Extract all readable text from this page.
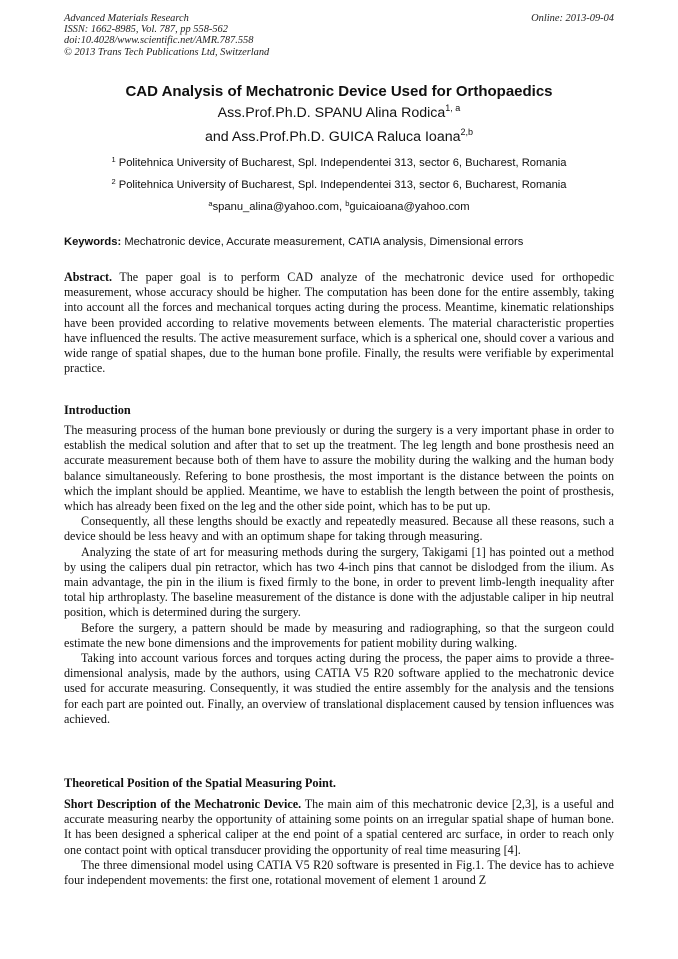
Advanced Materials Research
ISSN: 1662-8985, Vol. 787, pp 558-562
doi:10.4028/www.scientific.net/AMR.787.558
© 2013 Trans Tech Publications Ltd, Switzerland
Online: 2013-09-04
CAD Analysis of Mechatronic Device Used for Orthopaedics
Ass.Prof.Ph.D. SPANU Alina Rodica$^{1, a}$
and Ass.Prof.Ph.D. GUICA Raluca Ioana$^{2,b}$
$^1$ Politehnica University of Bucharest, Spl. Independentei 313, sector 6, Bucharest, Romania
$^2$ Politehnica University of Bucharest, Spl. Independentei 313, sector 6, Bucharest, Romania
$^a$spanu_alina@yahoo.com, $^b$guicaioana@yahoo.com
Keywords: Mechatronic device, Accurate measurement, CATIA analysis, Dimensional errors

Abstract. The paper goal is to perform CAD analyze of the mechatronic device used for orthopedic measurement, whose accuracy should be higher. The computation has been done for the entire assembly, taking into account all the forces and mechanical torques acting during the process. Meantime, kinematic relationships have been provided according to relative movements between elements. The material characteristic properties have influenced the results. The active measurement surface, which is a spherical one, should cover a various and wide range of spatial shapes, due to the human bone profile. Finally, the results were verifiable by experimental practice.

Introduction

The measuring process of the human bone previously or during the surgery is a very important phase in order to establish the medical solution and after that to set up the treatment. The leg length and bone prosthesis need an accurate measurement because both of them have to assure the mobility during the walking and the human body balance simultaneously. Refering to bone prosthesis, the most important is the distance between the points on which the implant should be applied. Meantime, we have to establish the length between the point of prosthesis, which has already been fixed on the leg and the other side point, which has to be put up.

Consequently, all these lengths should be exactly and repeatedly measured. Because all these reasons, such a device should be less heavy and with an optimum shape for taking through measuring.

Analyzing the state of art for measuring methods during the surgery, Takigami [1] has pointed out a method by using the calipers dual pin retractor, which has two 4-inch pins that cannot be dislodged from the ilium. As main advantage, the pin in the ilium is fixed firmly to the bone, in order to prevent limb-length inequality after total hip arthroplasty. The baseline measurement of the distance is done with the adjustable caliper in hip neutral position, which is determined during the surgery.

Before the surgery, a pattern should be made by measuring and radiographing, so that the surgeon could estimate the new bone dimensions and the improvements for patient mobility during walking.

Taking into account various forces and torques acting during the process, the paper aims to provide a three-dimensional analysis, made by the authors, using CATIA V5 R20 software applied to the mechatronic device used for accurate measuring. Consequently, it was studied the entire assembly for the analysis and the tensions for each part are pointed out. Finally, an overview of translational displacement caused by tension influences was achieved.

Theoretical Position of the Spatial Measuring Point.

Short Description of the Mechatronic Device. The main aim of this mechatronic device [2,3], is a useful and accurate measuring nearby the opportunity of attaining some points on an irregular spatial shape of human bone. It has been designed a spherical caliper at the end point of a spatial centered arc surface, in order to reach only one contact point with optical transducer providing the opportunity of real time measuring [4].

The three dimensional model using CATIA V5 R20 software is presented in Fig.1. The device has to achieve four independent movements: the first one, rotational movement of element 1 around Z
